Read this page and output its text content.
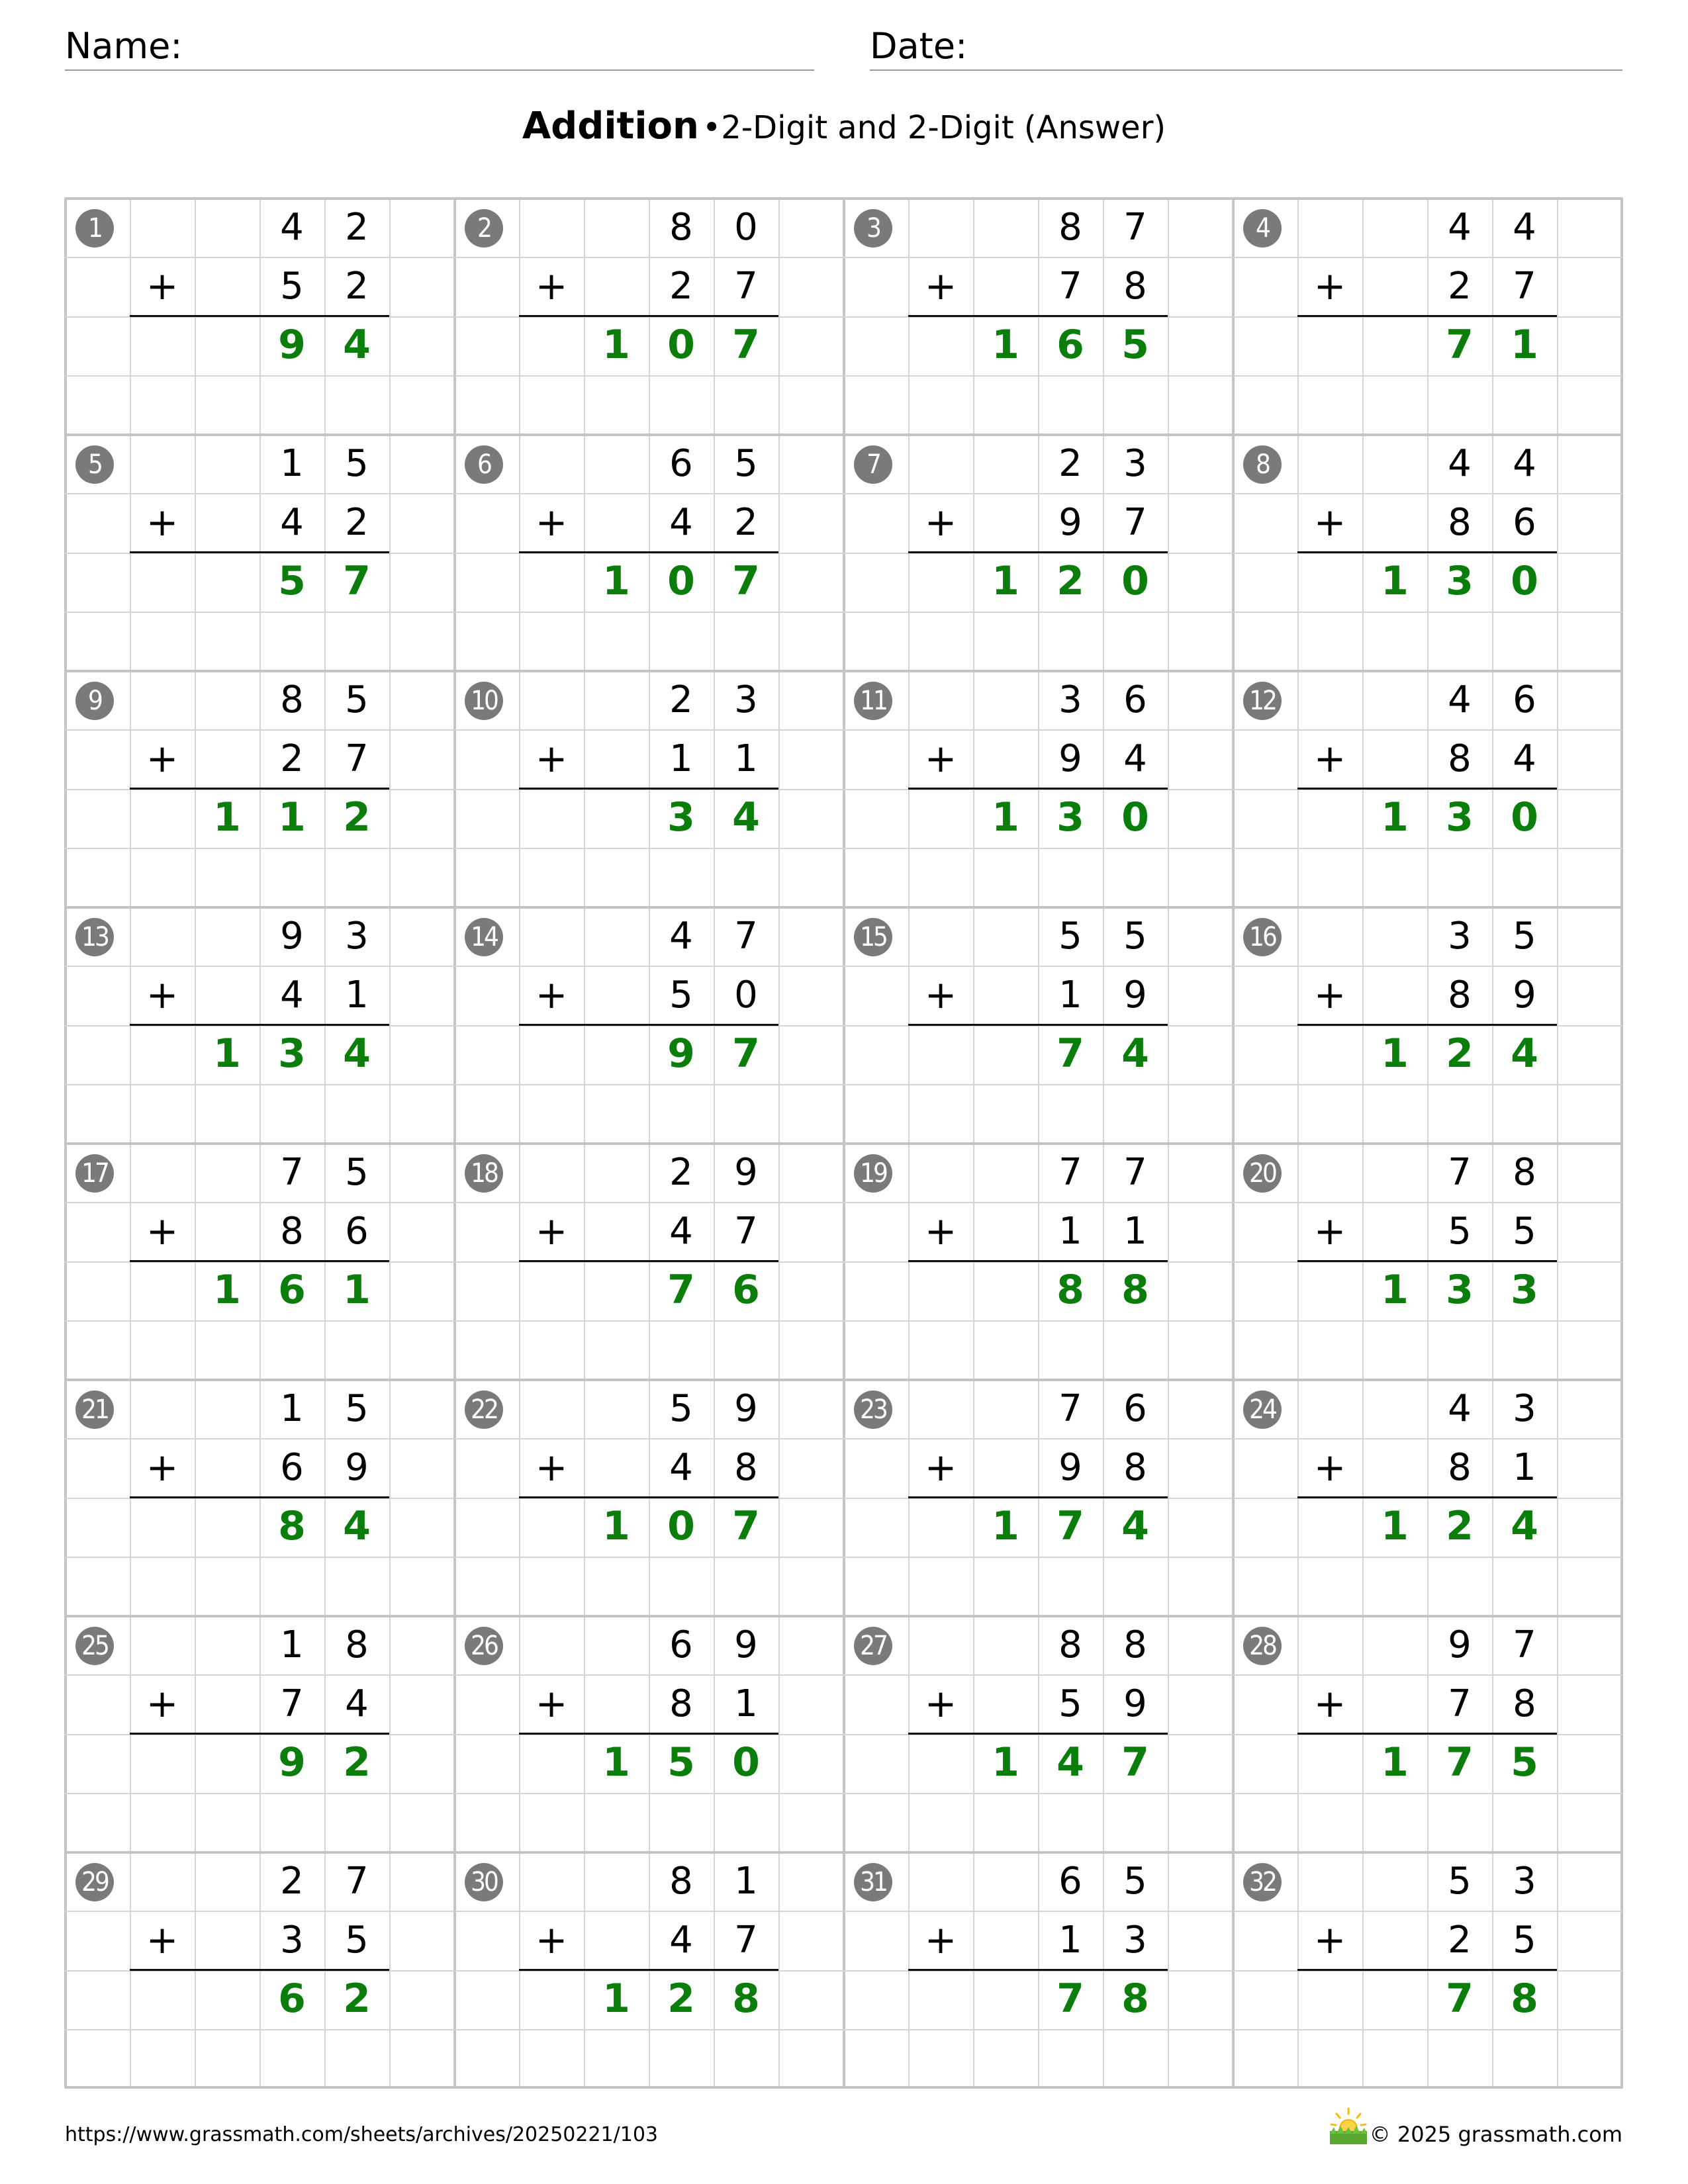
Name:	Date:
Addition •2-Digit and 2-Digit (Answer)
1	4	2
+	5	2
9 4
2	8	0
+	2	7
1 0 7
3	8	7
+	7	8
1 6 5
4	4	4
+	2	7
7 1
5	1	5
+	4	2
5 7
6	6	5
+	4	2
1 0 7
7	2	3
+	9	7
1 2 0
8	4	4
+	8	6
1 3 0
9	8	5
+	2	7
1 1 2
10	2	3
+	1	1
3 4
11	3	6
+	9	4
1 3 0
12	4	6
+	8	4
1 3 0
13	9	3
+	4	1
1 3 4
14	4	7
+	5	0
9 7
15	5	5
+	1	9
7 4
16	3	5
+	8	9
1 2 4
17	7	5
+	8	6
1 6 1
18	2	9
+	4	7
7 6
19	7	7
+	1	1
8 8
20	7	8
+	5	5
1 3 3
21	1	5
+	6	9
8 4
22	5	9
+	4	8
1 0 7
23	7	6
+	9	8
1 7 4
24	4	3
+	8	1
1 2 4
25	1	8
+	7	4
9 2
26	6	9
+	8	1
1 5 0
27	8	8
+	5	9
1 4 7
28	9	7
+	7	8
1 7 5
29	2	7
+	3	5
6 2
30	8	1
+	4	7
1 2 8
31	6	5
+	1	3
7 8
32	5	3
+	2	5
7 8
https://www.grassmath.com/sheets/archives/20250221/103	© 2025 grassmath.com
